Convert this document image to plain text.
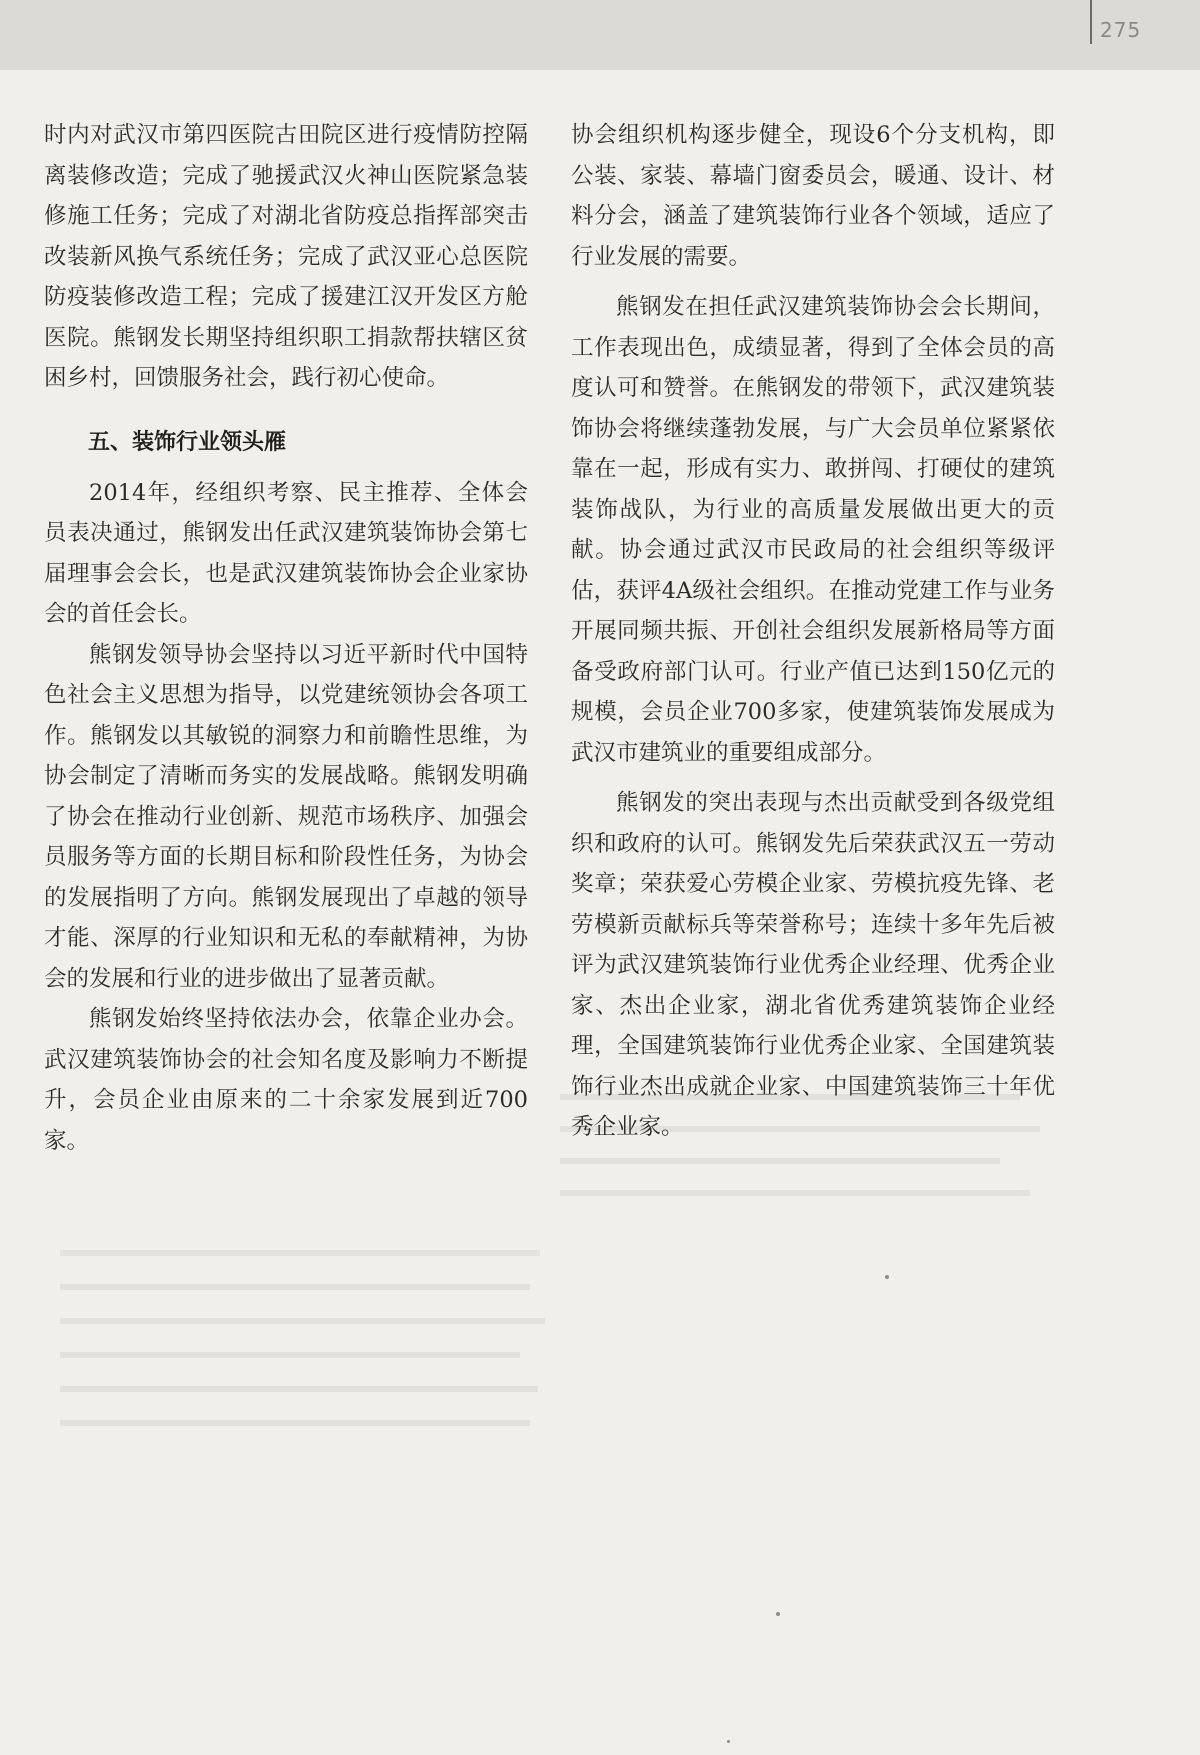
275

时内对武汉市第四医院古田院区进行疫情防控隔离装修改造；完成了驰援武汉火神山医院紧急装修施工任务；完成了对湖北省防疫总指挥部突击改装新风换气系统任务；完成了武汉亚心总医院防疫装修改造工程；完成了援建江汉开发区方舱医院。熊钢发长期坚持组织职工捐款帮扶辖区贫困乡村，回馈服务社会，践行初心使命。

五、装饰行业领头雁

2014年，经组织考察、民主推荐、全体会员表决通过，熊钢发出任武汉建筑装饰协会第七届理事会会长，也是武汉建筑装饰协会企业家协会的首任会长。

熊钢发领导协会坚持以习近平新时代中国特色社会主义思想为指导，以党建统领协会各项工作。熊钢发以其敏锐的洞察力和前瞻性思维，为协会制定了清晰而务实的发展战略。熊钢发明确了协会在推动行业创新、规范市场秩序、加强会员服务等方面的长期目标和阶段性任务，为协会的发展指明了方向。熊钢发展现出了卓越的领导才能、深厚的行业知识和无私的奉献精神，为协会的发展和行业的进步做出了显著贡献。

熊钢发始终坚持依法办会，依靠企业办会。武汉建筑装饰协会的社会知名度及影响力不断提升，会员企业由原来的二十余家发展到近700家。

协会组织机构逐步健全，现设6个分支机构，即公装、家装、幕墙门窗委员会，暖通、设计、材料分会，涵盖了建筑装饰行业各个领域，适应了行业发展的需要。

熊钢发在担任武汉建筑装饰协会会长期间，工作表现出色，成绩显著，得到了全体会员的高度认可和赞誉。在熊钢发的带领下，武汉建筑装饰协会将继续蓬勃发展，与广大会员单位紧紧依靠在一起，形成有实力、敢拼闯、打硬仗的建筑装饰战队，为行业的高质量发展做出更大的贡献。协会通过武汉市民政局的社会组织等级评估，获评4A级社会组织。在推动党建工作与业务开展同频共振、开创社会组织发展新格局等方面备受政府部门认可。行业产值已达到150亿元的规模，会员企业700多家，使建筑装饰发展成为武汉市建筑业的重要组成部分。

熊钢发的突出表现与杰出贡献受到各级党组织和政府的认可。熊钢发先后荣获武汉五一劳动奖章；荣获爱心劳模企业家、劳模抗疫先锋、老劳模新贡献标兵等荣誉称号；连续十多年先后被评为武汉建筑装饰行业优秀企业经理、优秀企业家、杰出企业家，湖北省优秀建筑装饰企业经理，全国建筑装饰行业优秀企业家、全国建筑装饰行业杰出成就企业家、中国建筑装饰三十年优秀企业家。
